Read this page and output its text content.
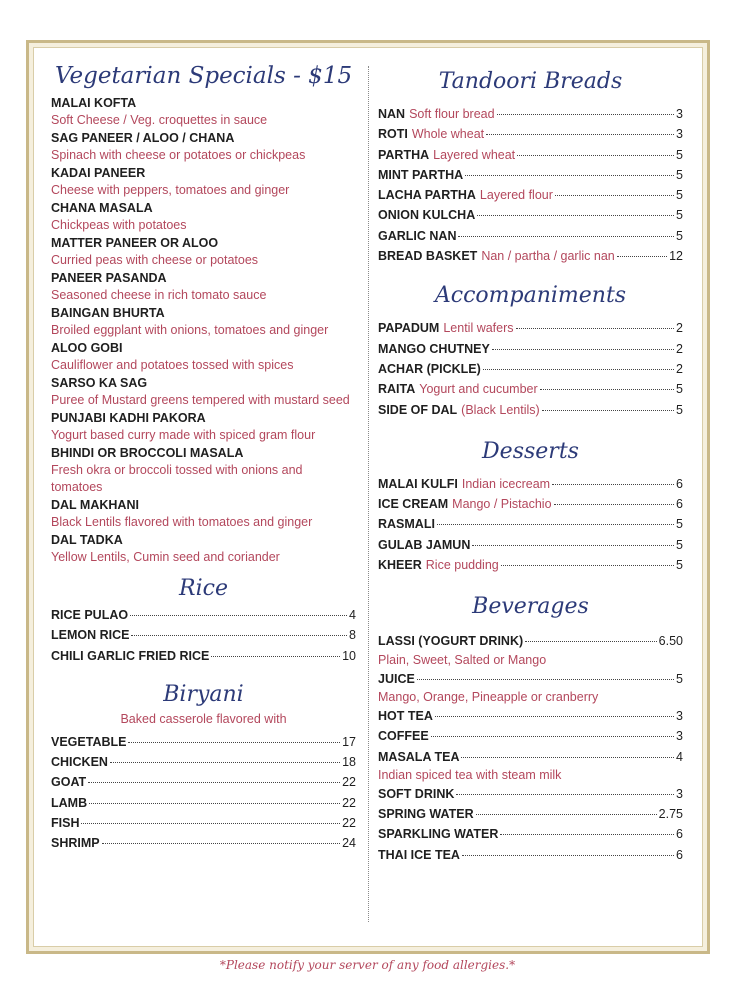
Vegetarian Specials - $15
MALAI KOFTA
Soft Cheese / Veg. croquettes in sauce
SAG PANEER / ALOO / CHANA
Spinach with cheese or potatoes or chickpeas
KADAI PANEER
Cheese with peppers, tomatoes and ginger
CHANA MASALA
Chickpeas with potatoes
MATTER PANEER OR ALOO
Curried peas with cheese or potatoes
PANEER PASANDA
Seasoned cheese in rich tomato sauce
BAINGAN BHURTA
Broiled eggplant with onions, tomatoes and ginger
ALOO GOBI
Cauliflower and potatoes tossed with spices
SARSO KA SAG
Puree of Mustard greens tempered with mustard seed
PUNJABI KADHI PAKORA
Yogurt based curry made with spiced gram flour
BHINDI OR BROCCOLI MASALA
Fresh okra or broccoli tossed with onions and tomatoes
DAL MAKHANI
Black Lentils flavored with tomatoes and ginger
DAL TADKA
Yellow Lentils, Cumin seed and coriander
Rice
RICE PULAO	4
LEMON RICE	8
CHILI GARLIC FRIED RICE	10
Biryani
Baked casserole flavored with
VEGETABLE	17
CHICKEN	18
GOAT	22
LAMB	22
FISH	22
SHRIMP	24
Tandoori Breads
NAN Soft flour bread	3
ROTI Whole wheat	3
PARTHA Layered wheat	5
MINT PARTHA	5
LACHA PARTHA Layered flour	5
ONION KULCHA	5
GARLIC NAN	5
BREAD BASKET Nan / partha / garlic nan	12
Accompaniments
PAPADUM Lentil wafers	2
MANGO CHUTNEY	2
ACHAR (PICKLE)	2
RAITA Yogurt and cucumber	5
SIDE OF DAL (Black Lentils)	5
Desserts
MALAI KULFI Indian icecream	6
ICE CREAM Mango / Pistachio	6
RASMALI	5
GULAB JAMUN	5
KHEER Rice pudding	5
Beverages
LASSI (YOGURT DRINK)	6.50
Plain, Sweet, Salted or Mango
JUICE	5
Mango, Orange, Pineapple or cranberry
HOT TEA	3
COFFEE	3
MASALA TEA	4
Indian spiced tea with steam milk
SOFT DRINK	3
SPRING WATER	2.75
SPARKLING WATER	6
THAI ICE TEA	6
*Please notify your server of any food allergies.*
